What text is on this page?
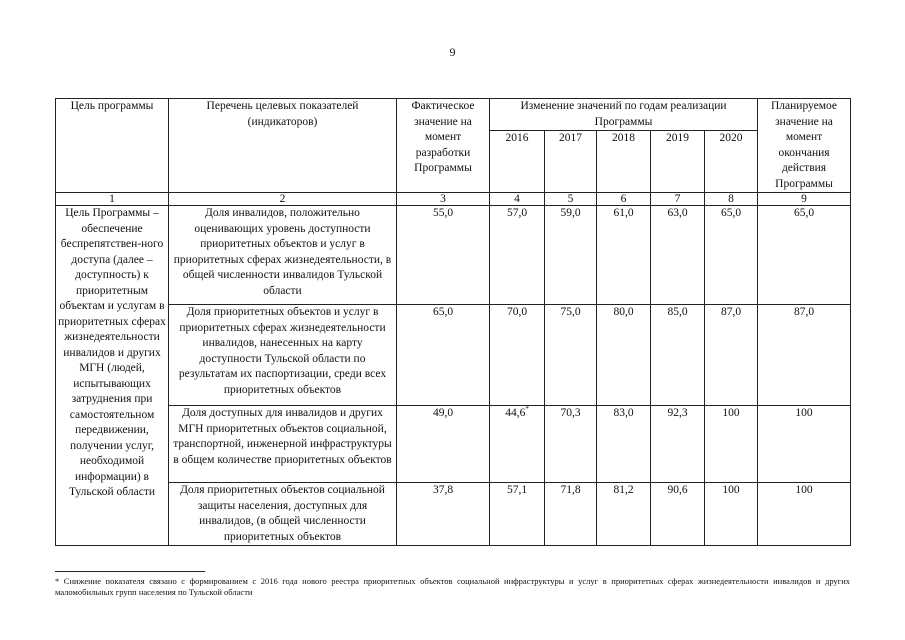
9
Цель программы	Перечень целевых показателей (индикаторов)	Фактическое значение на момент разработки Программы	Изменение значений по годам реализации Программы					Планируемое значение на момент окончания действия Программы
			2016	2017	2018	2019	2020	
1	2	3	4	5	6	7	8	9
Цель Программы – обеспечение беспрепятствен-ного доступа (далее – доступность) к приоритетным объектам и услугам в приоритетных сферах жизнедеятельности инвалидов и других МГН (людей, испытывающих затруднения при самостоятельном передвижении, получении услуг, необходимой информации) в Тульской области	Доля инвалидов, положительно оценивающих уровень доступности приоритетных объектов и услуг в приоритетных сферах жизнедеятельности, в общей численности инвалидов Тульской области	55,0	57,0	59,0	61,0	63,0	65,0	65,0
	Доля приоритетных объектов и услуг в приоритетных сферах жизнедеятельности инвалидов, нанесенных на карту доступности Тульской области по результатам их паспортизации, среди всех приоритетных объектов	65,0	70,0	75,0	80,0	85,0	87,0	87,0
	Доля доступных для инвалидов и других МГН приоритетных объектов социальной, транспортной, инженерной инфраструктуры в общем количестве приоритетных объектов	49,0	44,6*	70,3	83,0	92,3	100	100
	Доля приоритетных объектов социальной защиты населения, доступных для инвалидов, (в общей численности приоритетных объектов	37,8	57,1	71,8	81,2	90,6	100	100
* Снижение показателя связано с формированием с 2016 года нового реестра приоритетных объектов социальной инфраструктуры и услуг в приоритетных сферах жизнедеятельности инвалидов и других маломобильных групп населения по Тульской области
